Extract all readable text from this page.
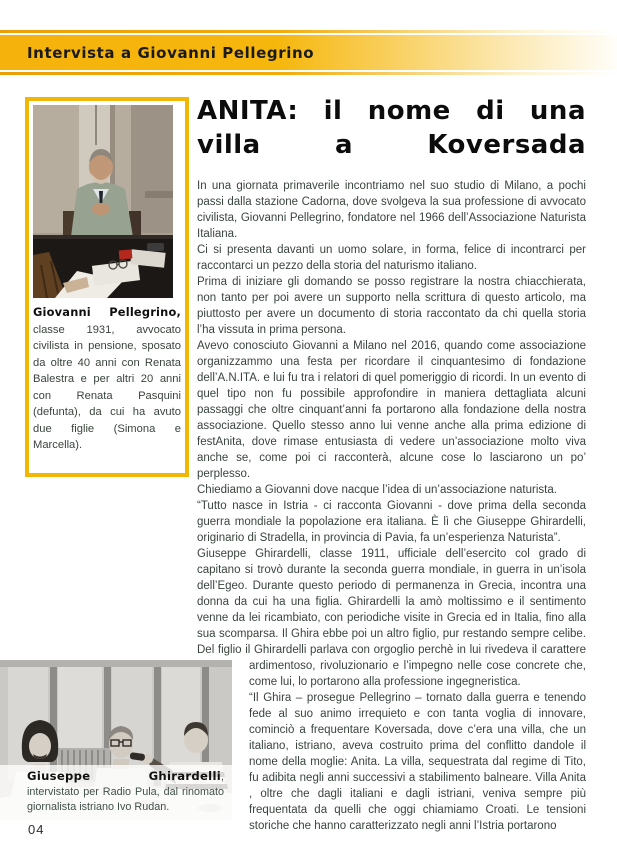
Intervista a Giovanni Pellegrino

Giovanni Pellegrino, classe 1931, avvocato civilista in pensione, sposato da oltre 40 anni con Renata Balestra e per altri 20 anni con Renata Pasquini (defunta), da cui ha avuto due figlie (Simona e Marcella).

ANITA: il nome di una
villa a Koversada

In una giornata primaverile incontriamo nel suo studio di Milano, a pochi passi dalla stazione Cadorna, dove svolgeva la sua professione di avvocato civilista, Giovanni Pellegrino, fondatore nel 1966 dell’Associazione Naturista Italiana.

Ci si presenta davanti un uomo solare, in forma, felice di incontrarci per raccontarci un pezzo della storia del naturismo italiano.

Prima di iniziare gli domando se posso registrare la nostra chiacchierata, non tanto per poi avere un supporto nella scrittura di questo articolo, ma piuttosto per avere un documento di storia raccontato da chi quella storia l’ha vissuta in prima persona.

Avevo conosciuto Giovanni a Milano nel 2016, quando come associazione organizzammo una festa per ricordare il cinquantesimo di fondazione dell’A.N.ITA. e lui fu tra i relatori di quel pomeriggio di ricordi. In un evento di quel tipo non fu possibile approfondire in maniera dettagliata alcuni passaggi che oltre cinquant’anni fa portarono alla fondazione della nostra associazione. Quello stesso anno lui venne anche alla prima edizione di festAnita, dove rimase entusiasta di vedere un’associazione molto viva anche se, come poi ci racconterà, alcune cose lo lasciarono un po’ perplesso.

Chiediamo a Giovanni dove nacque l’idea di un’associazione naturista.

“Tutto nasce in Istria - ci racconta Giovanni - dove prima della seconda guerra mondiale la popolazione era italiana. È lì che Giuseppe Ghirardelli, originario di Stradella, in provincia di Pavia, fa un’esperienza Naturista”.

Giuseppe Ghirardelli, classe 1911, ufficiale dell’esercito col grado di capitano si trovò durante la seconda guerra mondiale, in guerra in un’isola dell’Egeo. Durante questo periodo di permanenza in Grecia, incontra una donna da cui ha una figlia. Ghirardelli la amò moltissimo e il sentimento venne da lei ricambiato, con periodiche visite in Grecia ed in Italia, fino alla sua scomparsa. Il Ghira ebbe poi un altro figlio, pur restando sempre celibe. Del figlio il Ghirardelli parlava con orgoglio perchè in lui rivedeva il carattere

Giuseppe Ghirardelli, intervistato per Radio Pula, dal rinomato giornalista istriano Ivo Rudan.

ardimentoso, rivoluzionario e l’impegno nelle cose concrete che, come lui, lo portarono alla professione ingegneristica.

“Il Ghira – prosegue Pellegrino – tornato dalla guerra e tenendo fede al suo animo irrequieto e con tanta voglia di innovare, cominciò a frequentare Koversada, dove c’era una villa, che un italiano, istriano, aveva costruito prima del conflitto dandole il nome della moglie: Anita. La villa, sequestrata dal regime di Tito, fu adibita negli anni successivi a stabilimento balneare. Villa Anita , oltre che dagli italiani e dagli istriani, veniva sempre più frequentata da quelli che oggi chiamiamo Croati. Le tensioni storiche che hanno caratterizzato negli anni l’Istria portarono

04
